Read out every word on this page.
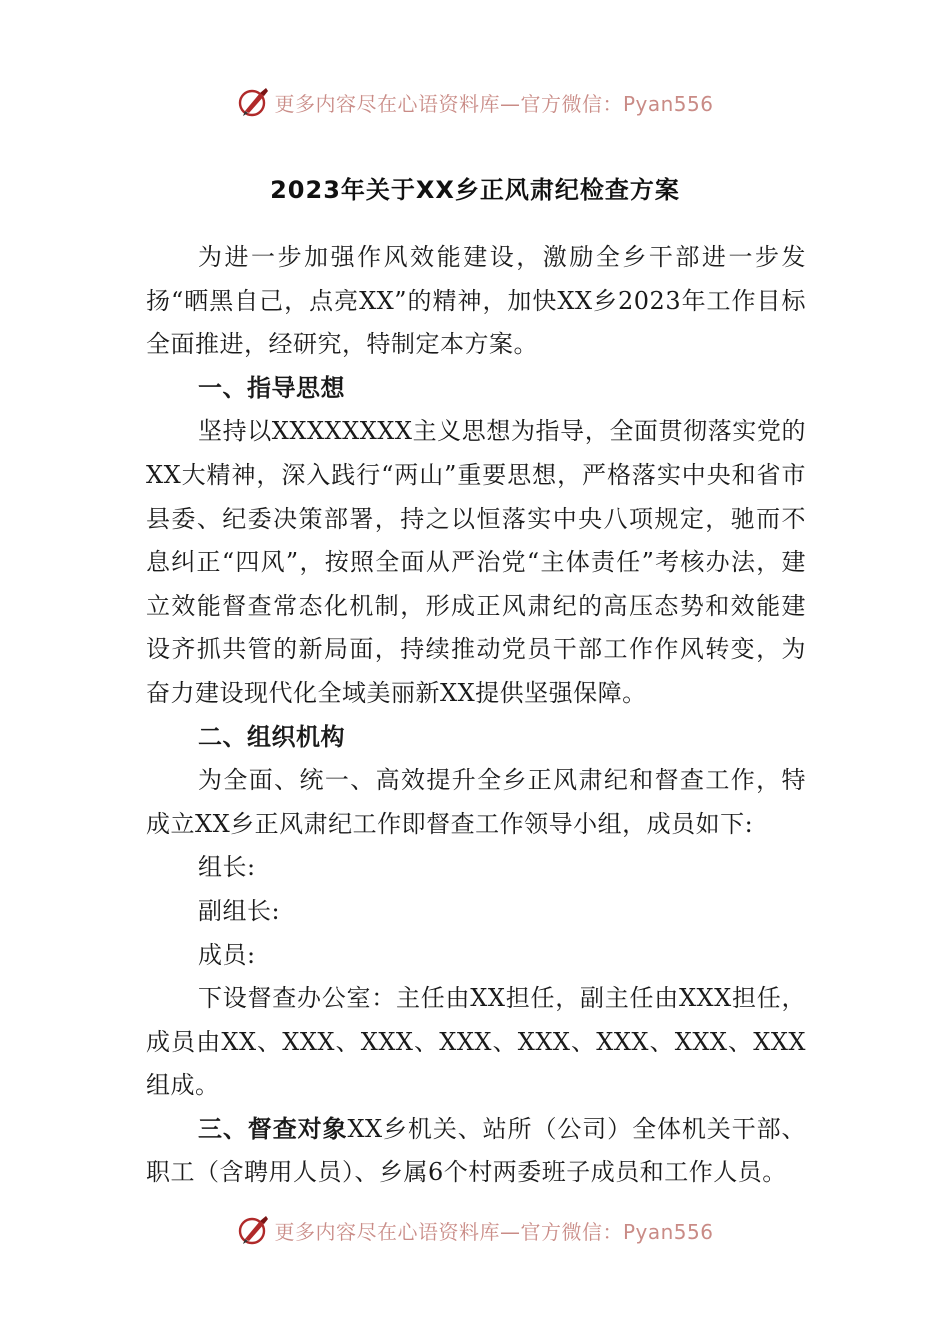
更多内容尽在心语资料库—官方微信：Pyan556
2023年关于XX乡正风肃纪检查方案

为进一步加强作风效能建设，激励全乡干部进一步发扬“晒黑自己，点亮XX”的精神，加快XX乡2023年工作目标全面推进，经研究，特制定本方案。

一、指导思想

坚持以XXXXXXXX主义思想为指导，全面贯彻落实党的XX大精神，深入践行“两山”重要思想，严格落实中央和省市县委、纪委决策部署，持之以恒落实中央八项规定，驰而不息纠正“四风”，按照全面从严治党“主体责任”考核办法，建立效能督查常态化机制，形成正风肃纪的高压态势和效能建设齐抓共管的新局面，持续推动党员干部工作作风转变，为奋力建设现代化全域美丽新XX提供坚强保障。

二、组织机构

为全面、统一、高效提升全乡正风肃纪和督查工作，特成立XX乡正风肃纪工作即督查工作领导小组，成员如下:

组长:

副组长:

成员:

下设督查办公室：主任由XX担任，副主任由XXX担任，成员由XX、XXX、XXX、XXX、XXX、XXX、XXX、XXX组成。

三、督查对象XX乡机关、站所（公司）全体机关干部、职工（含聘用人员）、乡属6个村两委班子成员和工作人员。

更多内容尽在心语资料库—官方微信：Pyan556
